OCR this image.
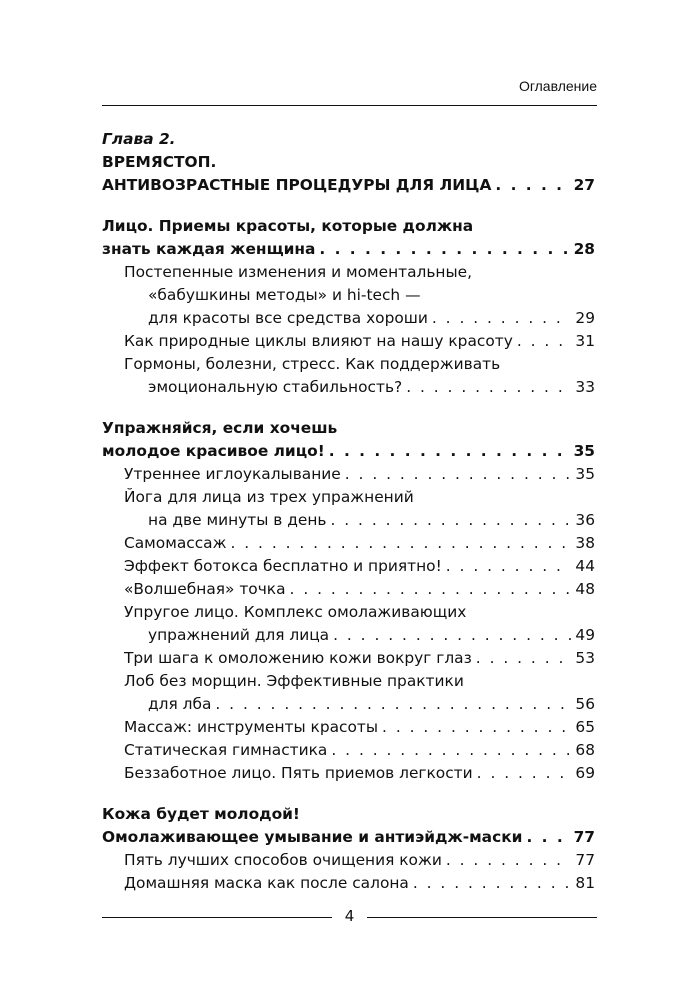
Оглавление
Глава 2.
ВРЕМЯСТОП.
АНТИВОЗРАСТНЫЕ ПРОЦЕДУРЫ ДЛЯ ЛИЦА . . .	27
Лицо. Приемы красоты, которые должна
знать каждая женщина . . .	28
Постепенные изменения и моментальные,
«бабушкины методы» и hi-tech —
для красоты все средства хороши . . .	29
Как природные циклы влияют на нашу красоту . . .	31
Гормоны, болезни, стресс. Как поддерживать
эмоциональную стабильность? . . .	33
Упражняйся, если хочешь
молодое красивое лицо! . . .	35
Утреннее иглоукалывание . . .	35
Йога для лица из трех упражнений
на две минуты в день . . .	36
Самомассаж . . .	38
Эффект ботокса бесплатно и приятно! . . .	44
«Волшебная» точка . . .	48
Упругое лицо. Комплекс омолаживающих
упражнений для лица . . .	49
Три шага к омоложению кожи вокруг глаз . . .	53
Лоб без морщин. Эффективные практики
для лба . . .	56
Массаж: инструменты красоты . . .	65
Статическая гимнастика . . .	68
Беззаботное лицо. Пять приемов легкости . . .	69
Кожа будет молодой!
Омолаживающее умывание и антиэйдж-маски . . .	77
Пять лучших способов очищения кожи . . .	77
Домашняя маска как после салона . . .	81
4
